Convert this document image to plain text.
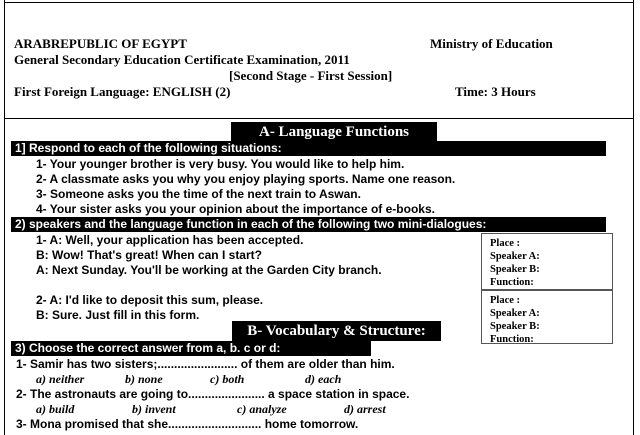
ARABREPUBLIC OF EGYPT	Ministry of Education
General Secondary Education Certificate Examination, 2011
[Second Stage - First Session]
First Foreign Language: ENGLISH (2)	Time: 3 Hours
A- Language Functions
1] Respond to each of the following situations:
1- Your younger brother is very busy. You would like to help him.
2- A classmate asks you why you enjoy playing sports. Name one reason.
3- Someone asks you the time of the next train to Aswan.
4- Your sister asks you your opinion about the importance of e-books.
2) speakers and the language function in each of the following two mini-dialogues:
1- A: Well, your application has been accepted.
B: Wow! That's great! When can I start?
A: Next Sunday. You'll be working at the Garden City branch.
2- A: I'd like to deposit this sum, please.
B: Sure. Just fill in this form.
Place :
Speaker A:
Speaker B:
Function:
Place :
Speaker A:
Speaker B:
Function:
B- Vocabulary & Structure:
3) Choose the correct answer from a, b. c or d:
1- Samir has two sisters;........................ of them are older than him.
a) neither	b) none	c) both	d) each
2- The astronauts are going to....................... a space station in space.
a) build	b) invent	c) analyze	d) arrest
3- Mona promised that she............................ home tomorrow.
